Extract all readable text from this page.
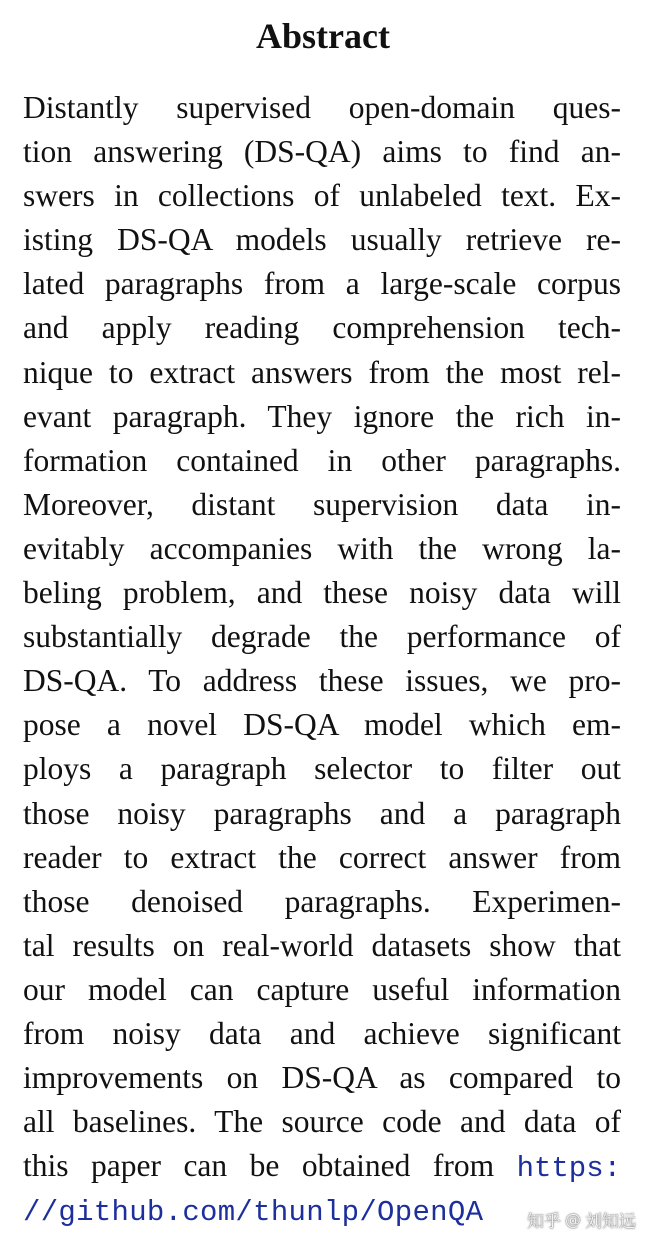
Abstract
Distantly supervised open-domain ques-
tion answering (DS-QA) aims to find an-
swers in collections of unlabeled text. Ex-
isting DS-QA models usually retrieve re-
lated paragraphs from a large-scale corpus
and apply reading comprehension tech-
nique to extract answers from the most rel-
evant paragraph. They ignore the rich in-
formation contained in other paragraphs.
Moreover, distant supervision data in-
evitably accompanies with the wrong la-
beling problem, and these noisy data will
substantially degrade the performance of
DS-QA. To address these issues, we pro-
pose a novel DS-QA model which em-
ploys a paragraph selector to filter out
those noisy paragraphs and a paragraph
reader to extract the correct answer from
those denoised paragraphs. Experimen-
tal results on real-world datasets show that
our model can capture useful information
from noisy data and achieve significant
improvements on DS-QA as compared to
all baselines. The source code and data of
this paper can be obtained from https:
//github.com/thunlp/OpenQA	知乎 @ 刘知远
